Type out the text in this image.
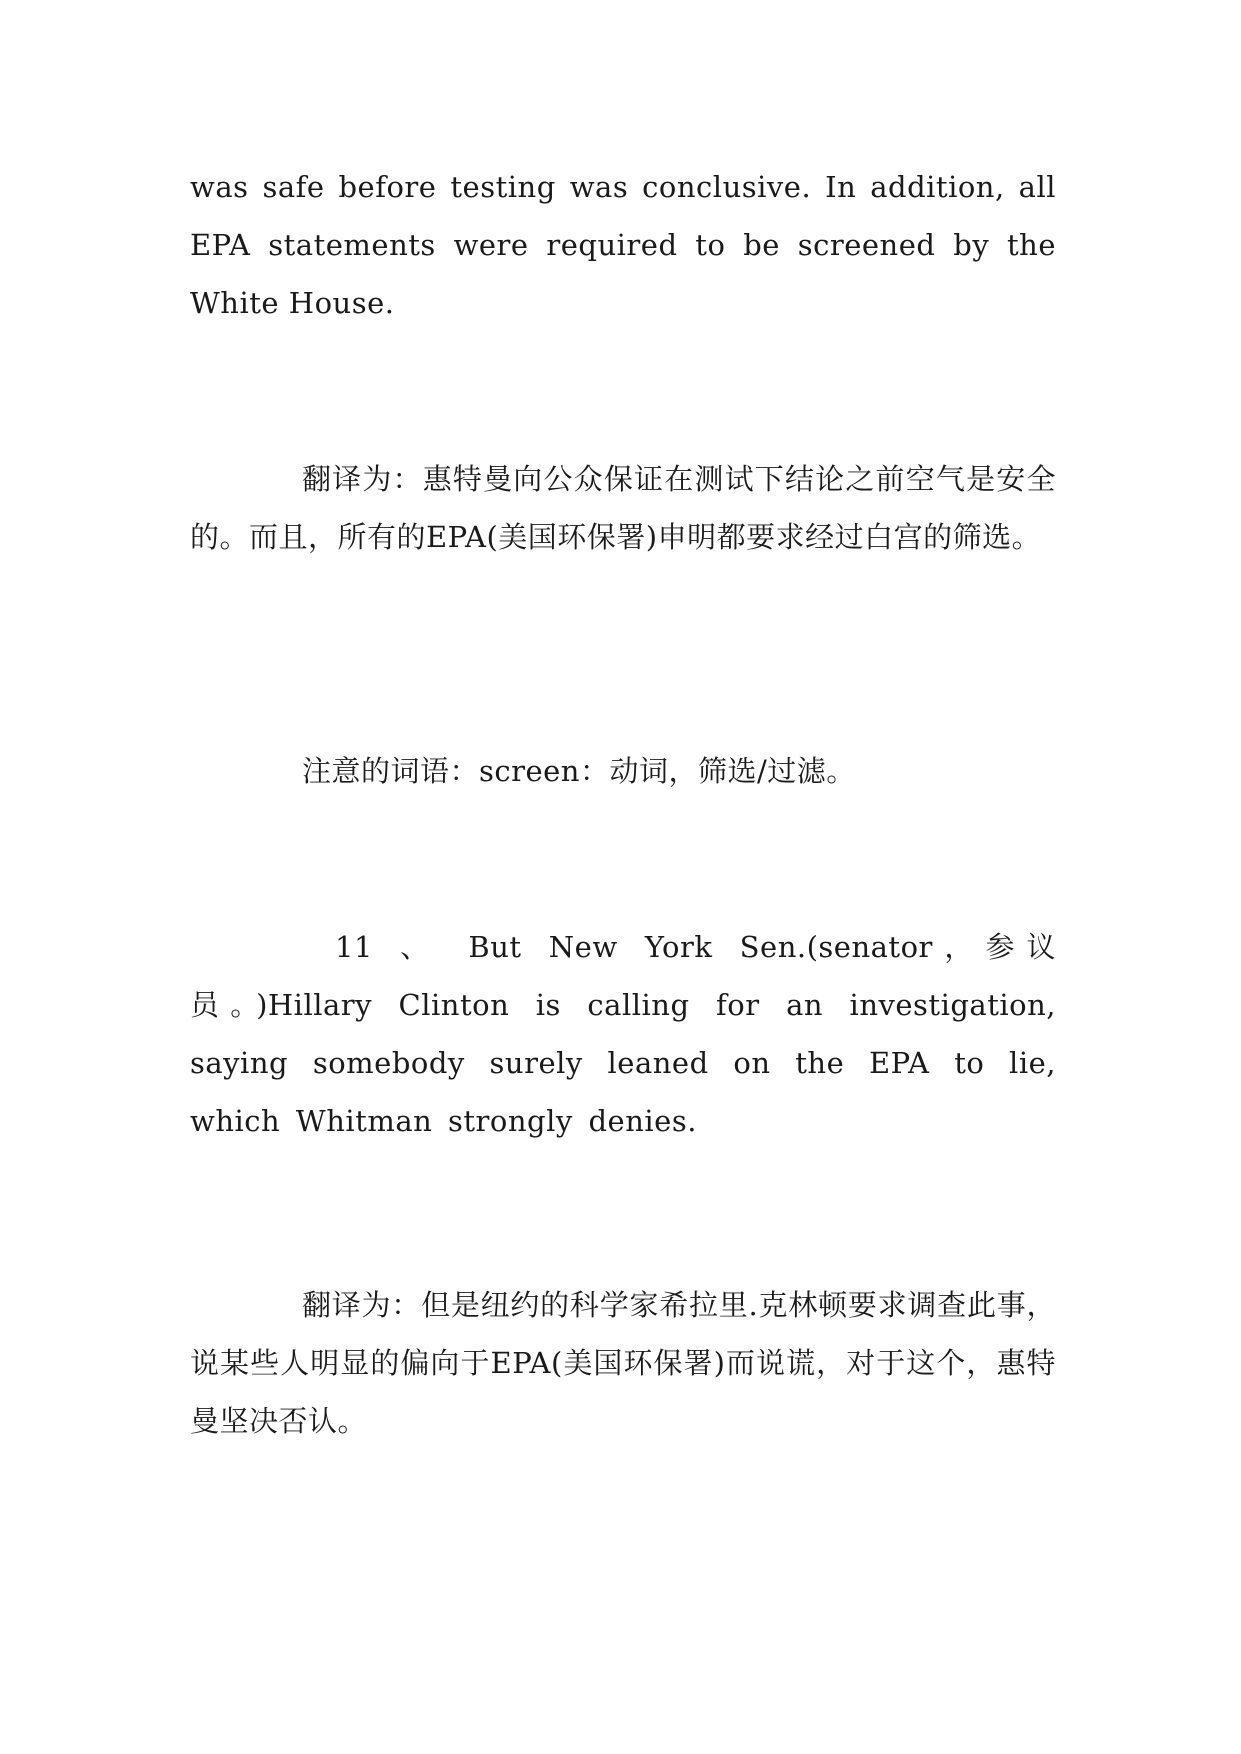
was safe before testing was conclusive. In addition, all EPA statements were required to be screened by the White House.

翻译为：惠特曼向公众保证在测试下结论之前空气是安全的。而且，所有的EPA(美国环保署)申明都要求经过白宫的筛选。

注意的词语：screen：动词，筛选/过滤。

11 、 But New York Sen.(senator，参议员。)Hillary Clinton is calling for an investigation, saying somebody surely leaned on the EPA to lie, which Whitman strongly denies.

翻译为：但是纽约的科学家希拉里.克林顿要求调查此事，说某些人明显的偏向于EPA(美国环保署)而说谎，对于这个，惠特曼坚决否认。
